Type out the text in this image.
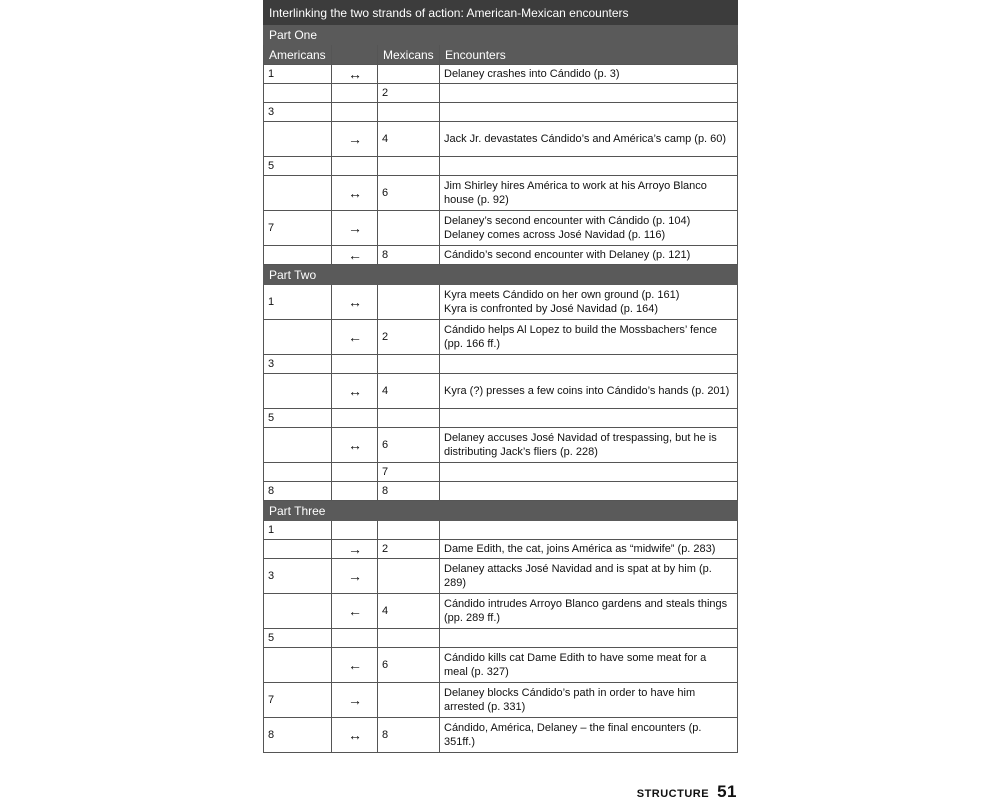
Interlinking the two strands of action: American-Mexican encounters			
Part One			
Americans		Mexicans	Encounters
1	↔		Delaney crashes into Cándido (p. 3)
		2	
3			
	→	4	Jack Jr. devastates Cándido’s and América’s camp (p. 60)
5			
	↔	6	Jim Shirley hires América to work at his Arroyo Blanco house (p. 92)
7	→		Delaney’s second encounter with Cándido (p. 104)
Delaney comes across José Navidad (p. 116)

	←	8	Cándido’s second encounter with Delaney (p. 121)
Part Two			
1	↔		Kyra meets Cándido on her own ground (p. 161)
Kyra is confronted by José Navidad (p. 164)

	←	2	Cándido helps Al Lopez to build the Mossbachers’ fence (pp. 166 ff.)
3			
	↔	4	Kyra (?) presses a few coins into Cándido’s hands (p. 201)
5			
	↔	6	Delaney accuses José Navidad of trespassing, but he is distributing Jack’s fliers (p. 228)
		7	
8		8	
Part Three			
1			
	→	2	Dame Edith, the cat, joins América as “midwife” (p. 283)
3	→		Delaney attacks José Navidad and is spat at by him (p. 289)
	←	4	Cándido intrudes Arroyo Blanco gardens and steals things (pp. 289 ff.)
5			
	←	6	Cándido kills cat Dame Edith to have some meat for a meal (p. 327)
7	→		Delaney blocks Cándido’s path in order to have him arrested (p. 331)
8	↔	8	Cándido, América, Delaney – the final encounters (p. 351ff.)
STRUCTURE 51
